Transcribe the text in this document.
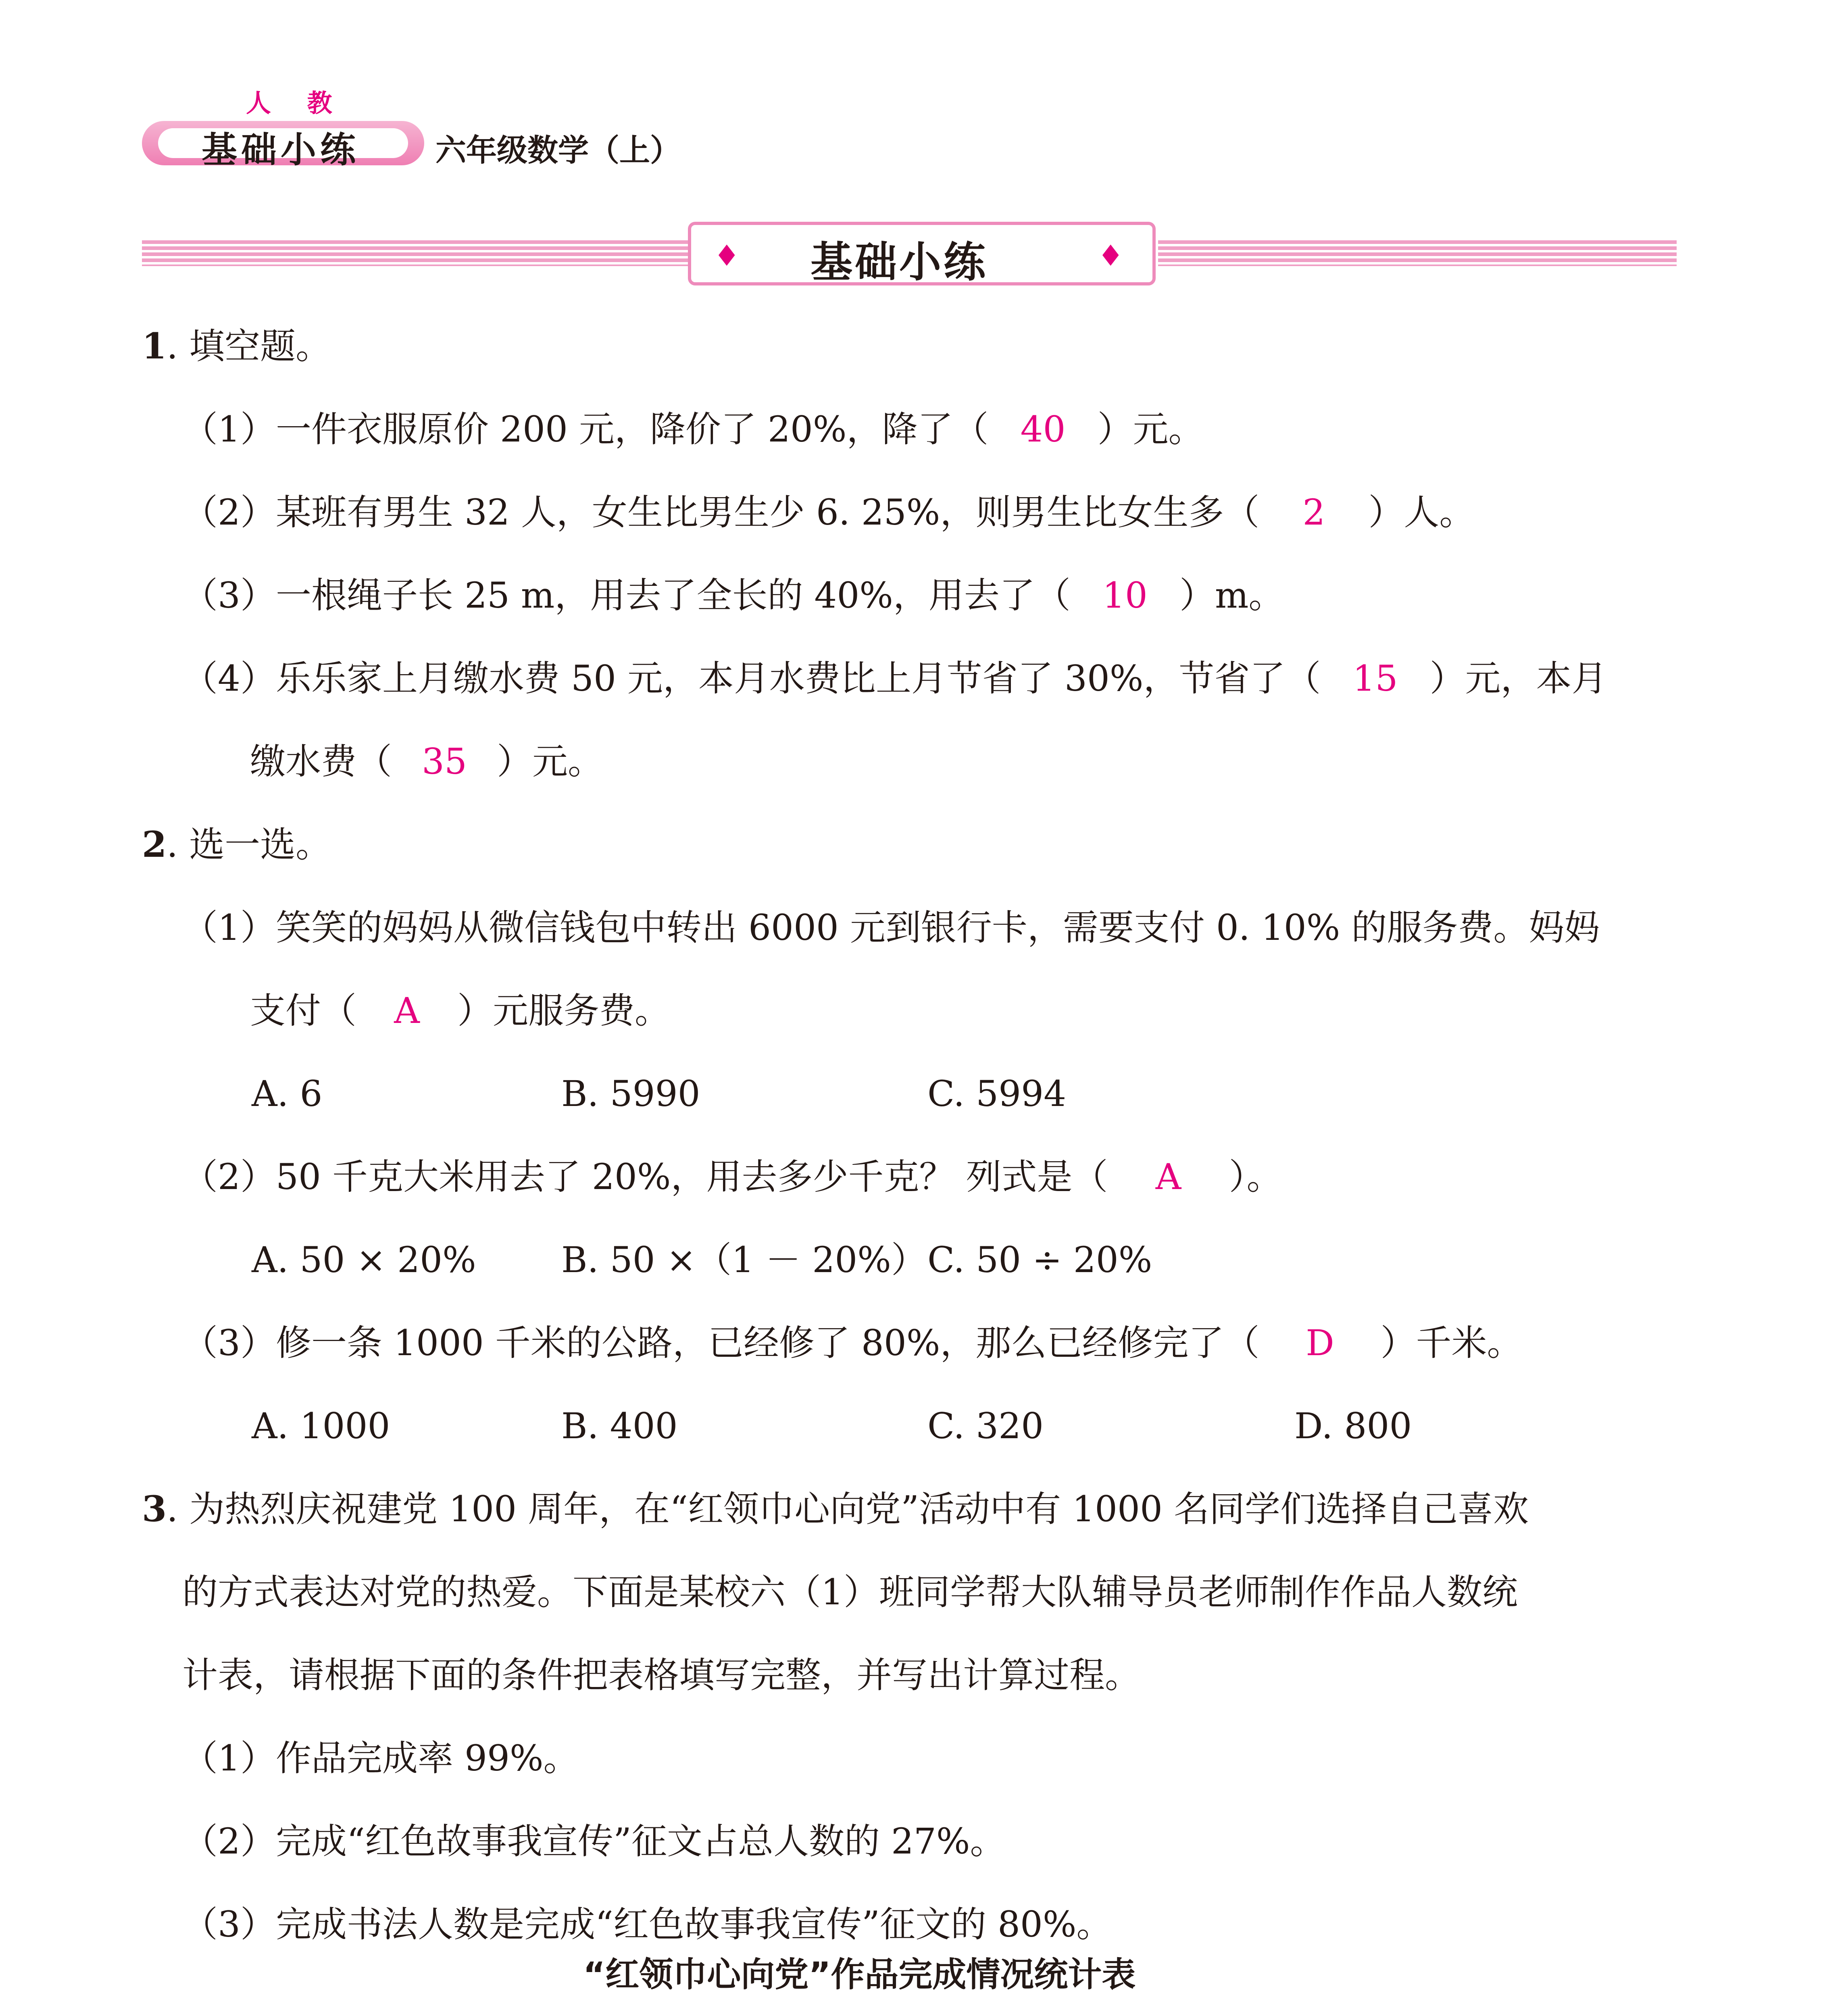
人 教
基础小练 六年级数学（上）
♦	♦
基础小练
1. 填空题。
（1）一件衣服原价 200 元，降价了 20%，降了（ 40 ）元。
（2）某班有男生 32 人，女生比男生少 6. 25%，则男生比女生多（ 2 ）人。
（3）一根绳子长 25 m，用去了全长的 40%，用去了（ 10 ）m。
（4）乐乐家上月缴水费 50 元，本月水费比上月节省了 30%，节省了（ 15 ）元，本月
缴水费（ 35 ）元。
2. 选一选。
（1）笑笑的妈妈从微信钱包中转出 6000 元到银行卡，需要支付 0. 10% 的服务费。妈妈
支付（ A ）元服务费。
A. 6	B. 5990	C. 5994
（2）50 千克大米用去了 20%，用去多少千克？ 列式是（ A ）。
A. 50 × 20% B. 50 ×（1 － 20%） C. 50 ÷ 20%
（3）修一条 1000 千米的公路，已经修了 80%，那么已经修完了（ D ）千米。
A. 1000	B. 400	C. 320	D. 800
3. 为热烈庆祝建党 100 周年，在“红领巾心向党”活动中有 1000 名同学们选择自己喜欢
的方式表达对党的热爱。下面是某校六（1）班同学帮大队辅导员老师制作作品人数统
计表，请根据下面的条件把表格填写完整，并写出计算过程。
（1）作品完成率 99%。
（2）完成“红色故事我宣传”征文占总人数的 27%。
（3）完成书法人数是完成“红色故事我宣传”征文的 80%。
“红领巾心向党”作品完成情况统计表
